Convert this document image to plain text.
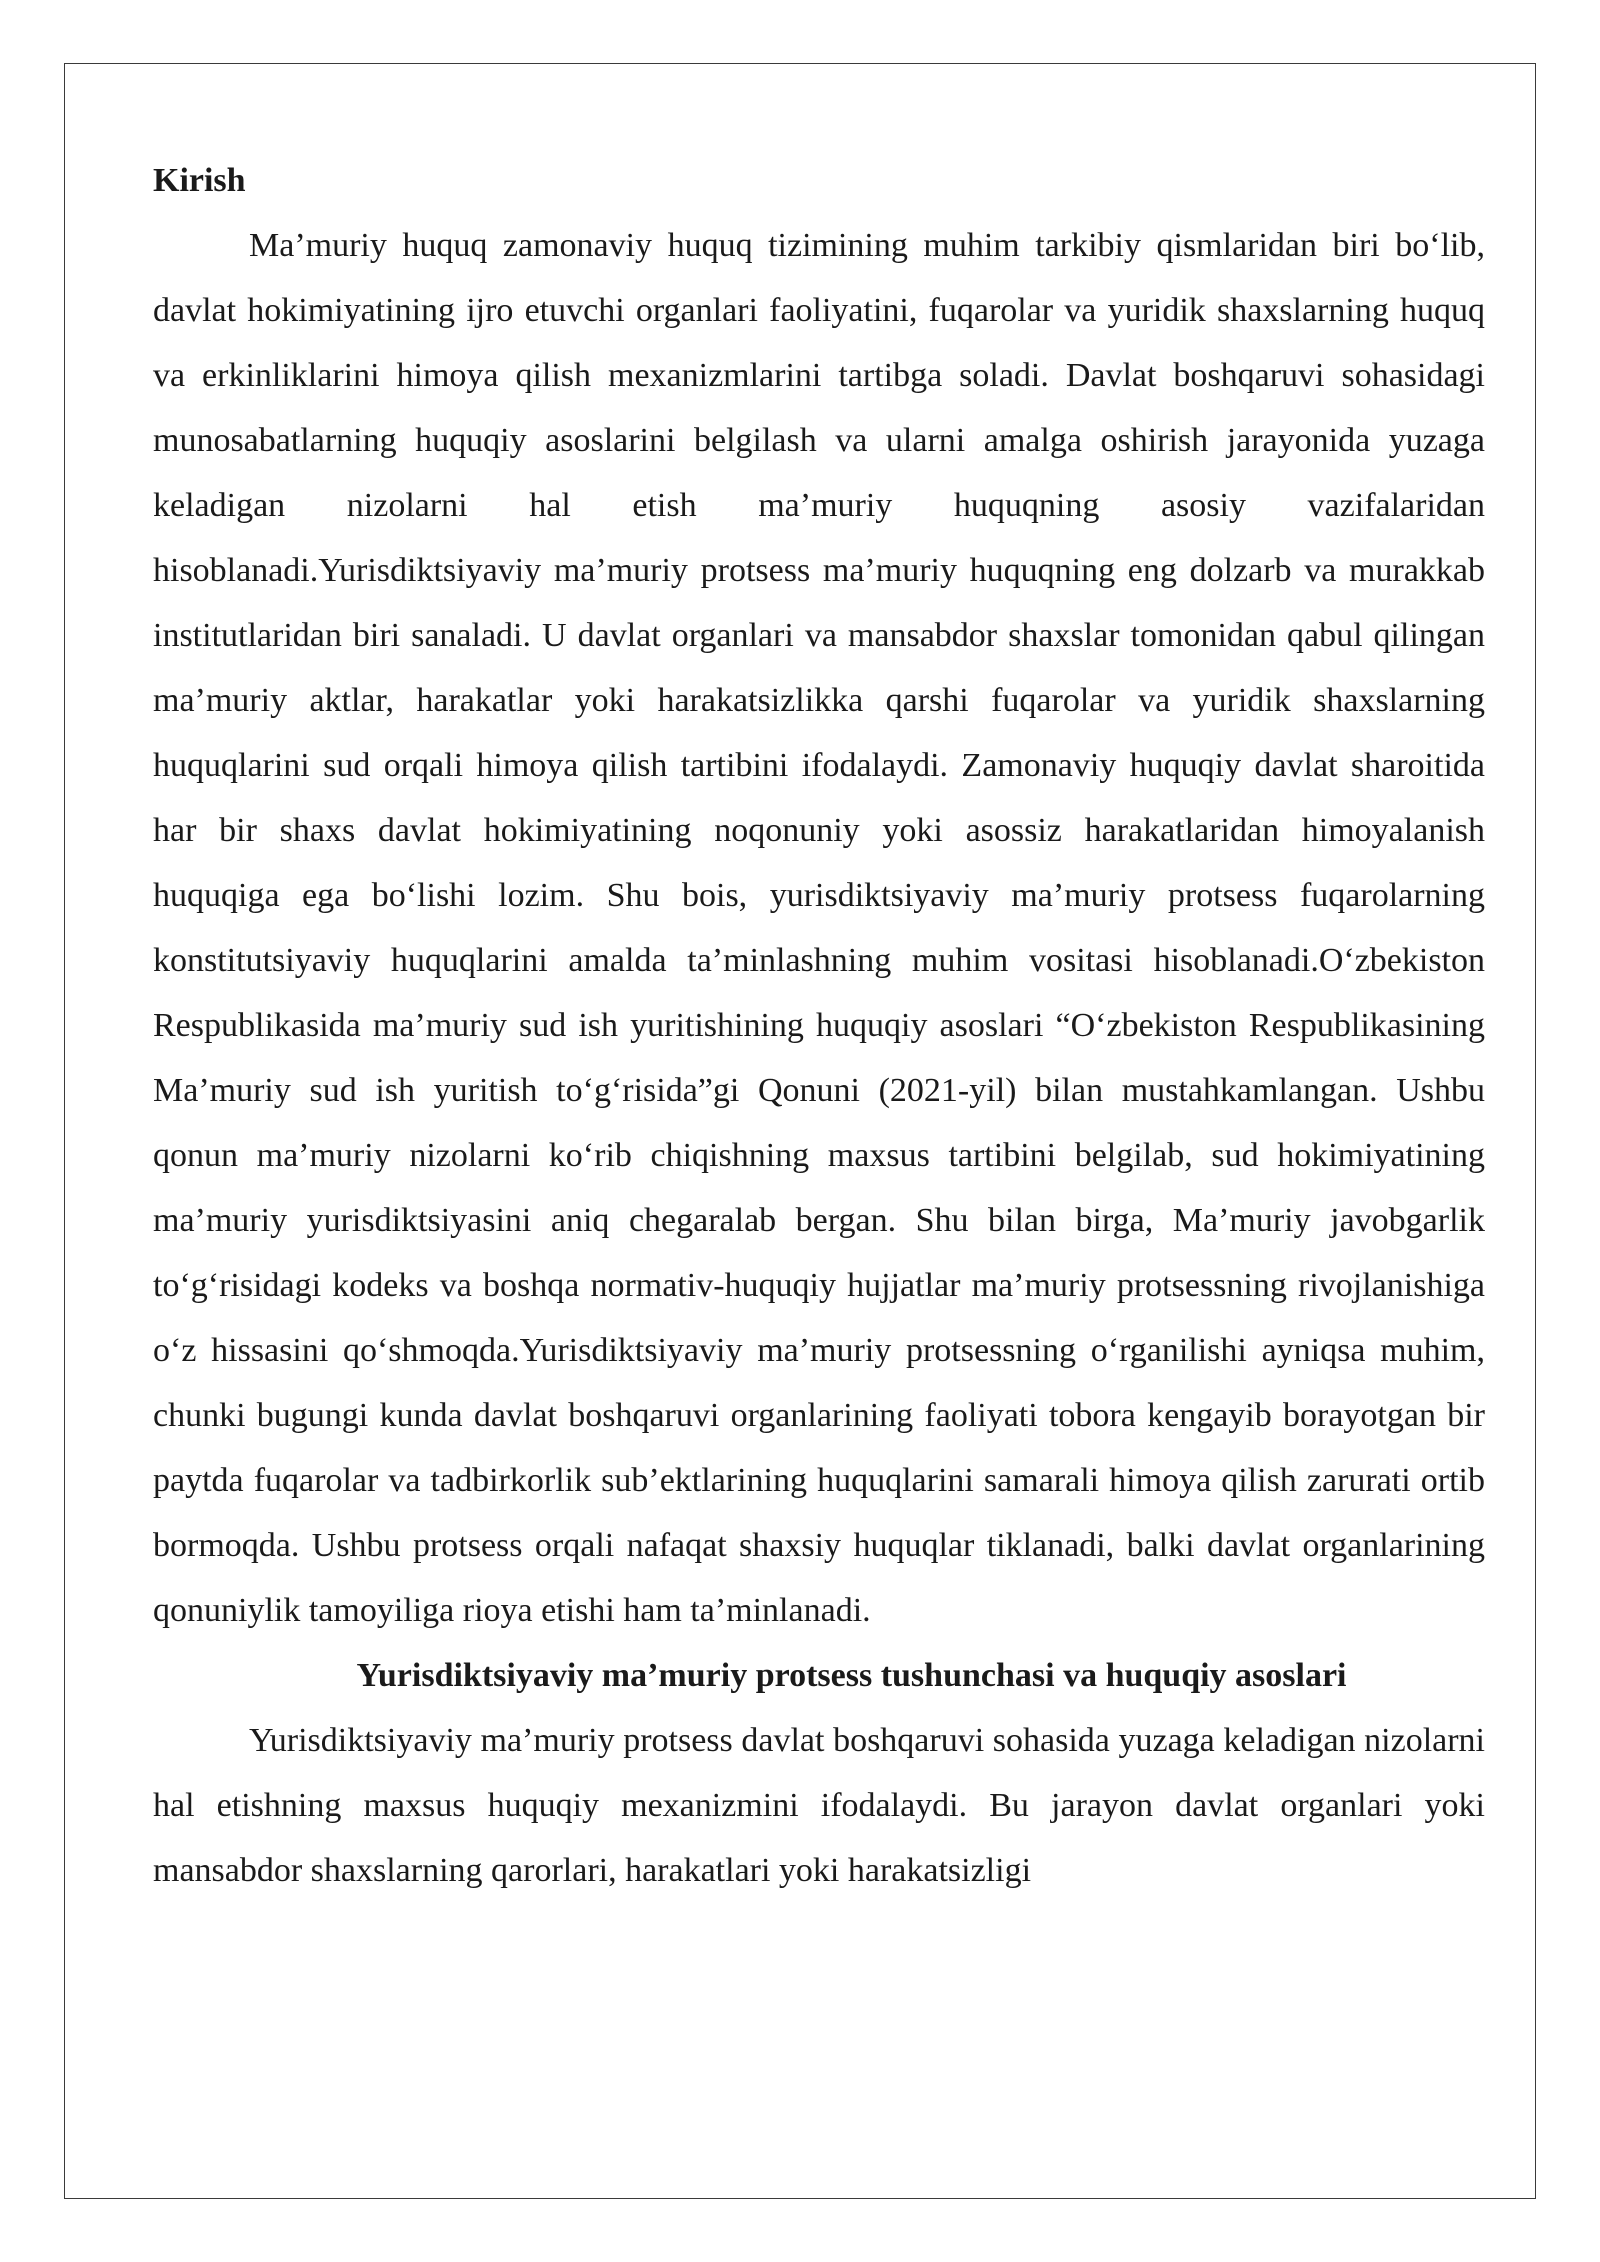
Kirish

Ma’muriy huquq zamonaviy huquq tizimining muhim tarkibiy qismlaridan biri bo‘lib, davlat hokimiyatining ijro etuvchi organlari faoliyatini, fuqarolar va yuridik shaxslarning huquq va erkinliklarini himoya qilish mexanizmlarini tartibga soladi. Davlat boshqaruvi sohasidagi munosabatlarning huquqiy asoslarini belgilash va ularni amalga oshirish jarayonida yuzaga keladigan nizolarni hal etish ma’muriy huquqning asosiy vazifalaridan hisoblanadi.Yurisdiktsiyaviy ma’muriy protsess ma’muriy huquqning eng dolzarb va murakkab institutlaridan biri sanaladi. U davlat organlari va mansabdor shaxslar tomonidan qabul qilingan ma’muriy aktlar, harakatlar yoki harakatsizlikka qarshi fuqarolar va yuridik shaxslarning huquqlarini sud orqali himoya qilish tartibini ifodalaydi. Zamonaviy huquqiy davlat sharoitida har bir shaxs davlat hokimiyatining noqonuniy yoki asossiz harakatlaridan himoyalanish huquqiga ega bo‘lishi lozim. Shu bois, yurisdiktsiyaviy ma’muriy protsess fuqarolarning konstitutsiyaviy huquqlarini amalda ta’minlashning muhim vositasi hisoblanadi.O‘zbekiston Respublikasida ma’muriy sud ish yuritishining huquqiy asoslari “O‘zbekiston Respublikasining Ma’muriy sud ish yuritish to‘g‘risida”gi Qonuni (2021-yil) bilan mustahkamlangan. Ushbu qonun ma’muriy nizolarni ko‘rib chiqishning maxsus tartibini belgilab, sud hokimiyatining ma’muriy yurisdiktsiyasini aniq chegaralab bergan. Shu bilan birga, Ma’muriy javobgarlik to‘g‘risidagi kodeks va boshqa normativ-huquqiy hujjatlar ma’muriy protsessning rivojlanishiga o‘z hissasini qo‘shmoqda.Yurisdiktsiyaviy ma’muriy protsessning o‘rganilishi ayniqsa muhim, chunki bugungi kunda davlat boshqaruvi organlarining faoliyati tobora kengayib borayotgan bir paytda fuqarolar va tadbirkorlik sub’ektlarining huquqlarini samarali himoya qilish zarurati ortib bormoqda. Ushbu protsess orqali nafaqat shaxsiy huquqlar tiklanadi, balki davlat organlarining qonuniylik tamoyiliga rioya etishi ham ta’minlanadi.

Yurisdiktsiyaviy ma’muriy protsess tushunchasi va huquqiy asoslari

Yurisdiktsiyaviy ma’muriy protsess davlat boshqaruvi sohasida yuzaga keladigan nizolarni hal etishning maxsus huquqiy mexanizmini ifodalaydi. Bu jarayon davlat organlari yoki mansabdor shaxslarning qarorlari, harakatlari yoki harakatsizligi
